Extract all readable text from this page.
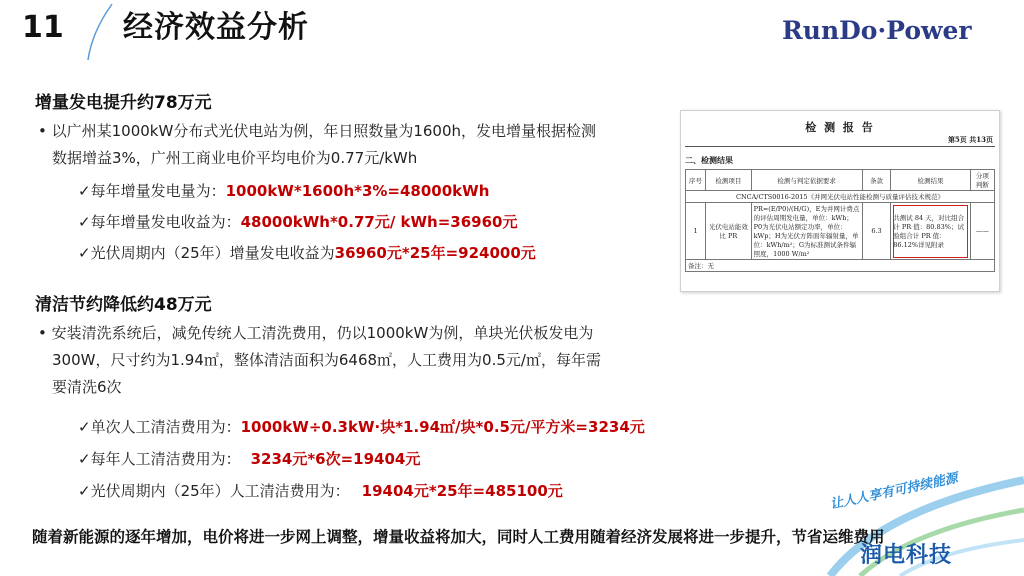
11	经济效益分析	RunDo·Power
增量发电提升约78万元
• 以广州某1000kW分布式光伏电站为例，年日照数量为1600h，发电增量根据检测
数据增益3%，广州工商业电价平均电价为0.77元/kWh
✓每年增量发电量为：1000kW*1600h*3%=48000kWh
✓每年增量发电收益为：48000kWh*0.77元/ kWh=36960元
✓光伏周期内（25年）增量发电收益为36960元*25年=924000元
清洁节约降低约48万元
• 安装清洗系统后，减免传统人工清洗费用，仍以1000kW为例，单块光伏板发电为
300W，尺寸约为1.94㎡，整体清洁面积为6468㎡，人工费用为0.5元/㎡，每年需
要清洗6次
✓单次人工清洁费用为：1000kW÷0.3kW·块*1.94㎡/块*0.5元/平方米=3234元
✓每年人工清洁费用为： 3234元*6次=19404元
✓光伏周期内（25年）人工清洁费用为： 19404元*25年=485100元
检 测 报 告
第5页 共13页
二、检测结果
序号	检测项目	检测与判定依据要求	条款	检测结果	分项判断
CNCA/CTS0016-2015《并网光伏电站性能检测与质量评估技术规范》					
1	光伏电站能效比 PR	PR=(E/P0)/(H/G)，E为并网计费点的评估周期发电量，单位：kWh；P0为光伏电站额定功率，单位：kWp；H为光伏方阵面年辐射量，单位：kWh/m²；G为标准测试条件辐照度，1000 W/m²	6.3	共测试 84 天，对比组合计 PR 值：80.83%；试验组合计 PR 值：86.12%详见附录	——
备注：无					
让人人享有可持续能源
随着新能源的逐年增加，电价将进一步网上调整，增量收益将加大，同时人工费用随着经济发展将进一步提升，节省运维费用
润电科技
